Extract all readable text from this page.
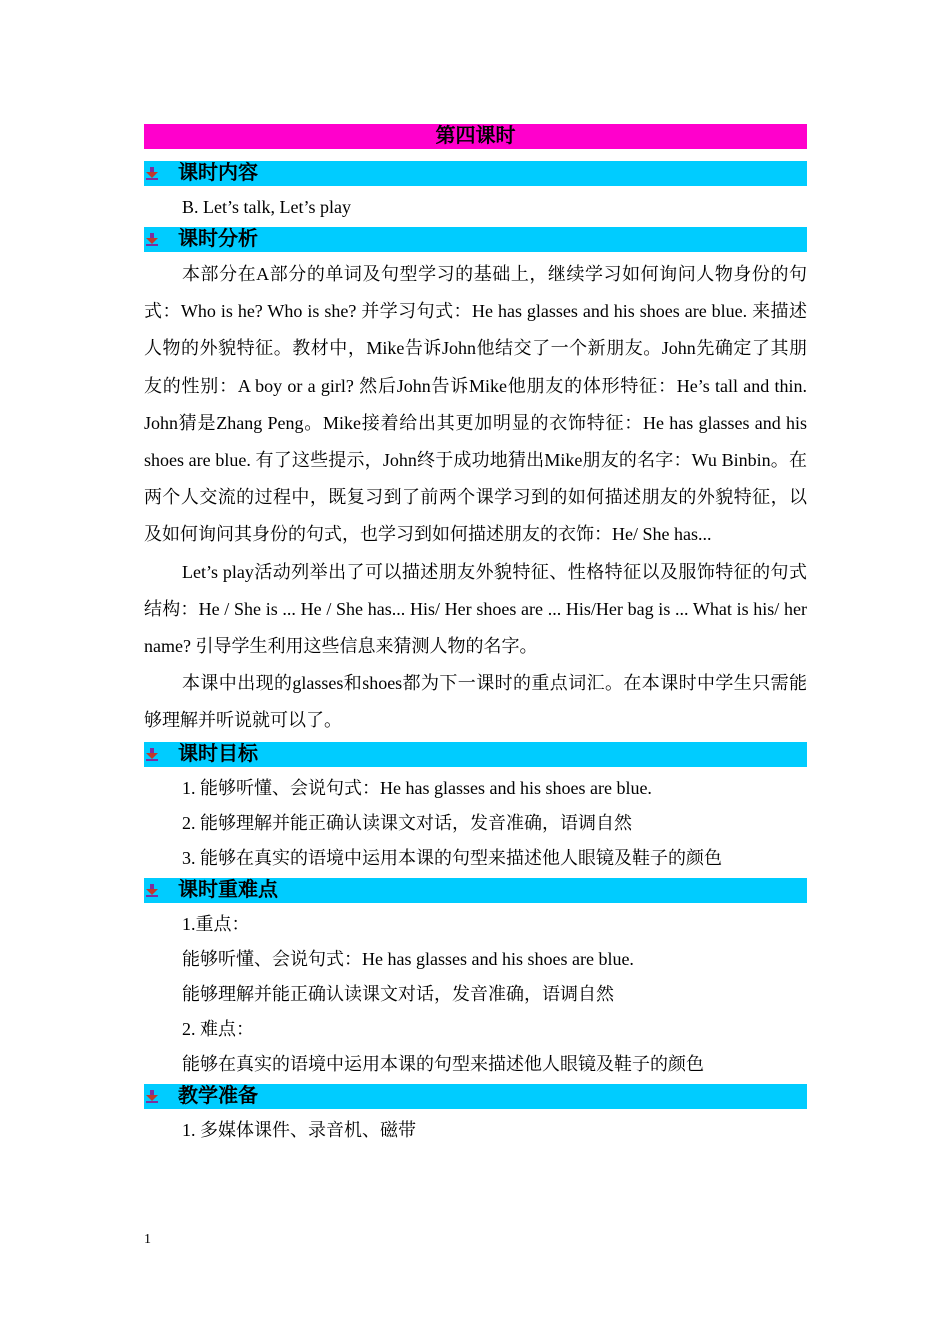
第四课时
课时内容

B. Let’s talk, Let’s play

课时分析

本部分在A部分的单词及句型学习的基础上，继续学习如何询问人物身份的句式：Who is he? Who is she? 并学习句式：He has glasses and his shoes are blue. 来描述人物的外貌特征。教材中，Mike告诉John他结交了一个新朋友。John先确定了其朋友的性别：A boy or a girl? 然后John告诉Mike他朋友的体形特征：He’s tall and thin. John猜是Zhang Peng。Mike接着给出其更加明显的衣饰特征：He has glasses and his shoes are blue. 有了这些提示，John终于成功地猜出Mike朋友的名字：Wu Binbin。在两个人交流的过程中，既复习到了前两个课学习到的如何描述朋友的外貌特征，以及如何询问其身份的句式，也学习到如何描述朋友的衣饰：He/ She has...

Let’s play活动列举出了可以描述朋友外貌特征、性格特征以及服饰特征的句式结构：He / She is ... He / She has... His/ Her shoes are ... His/Her bag is ... What is his/ her name? 引导学生利用这些信息来猜测人物的名字。

本课中出现的glasses和shoes都为下一课时的重点词汇。在本课时中学生只需能够理解并听说就可以了。

课时目标

1. 能够听懂、会说句式：He has glasses and his shoes are blue.

2. 能够理解并能正确认读课文对话，发音准确，语调自然

3. 能够在真实的语境中运用本课的句型来描述他人眼镜及鞋子的颜色

课时重难点

1.重点：

能够听懂、会说句式：He has glasses and his shoes are blue.

能够理解并能正确认读课文对话，发音准确，语调自然

2. 难点：

能够在真实的语境中运用本课的句型来描述他人眼镜及鞋子的颜色

教学准备

1. 多媒体课件、录音机、磁带

1
